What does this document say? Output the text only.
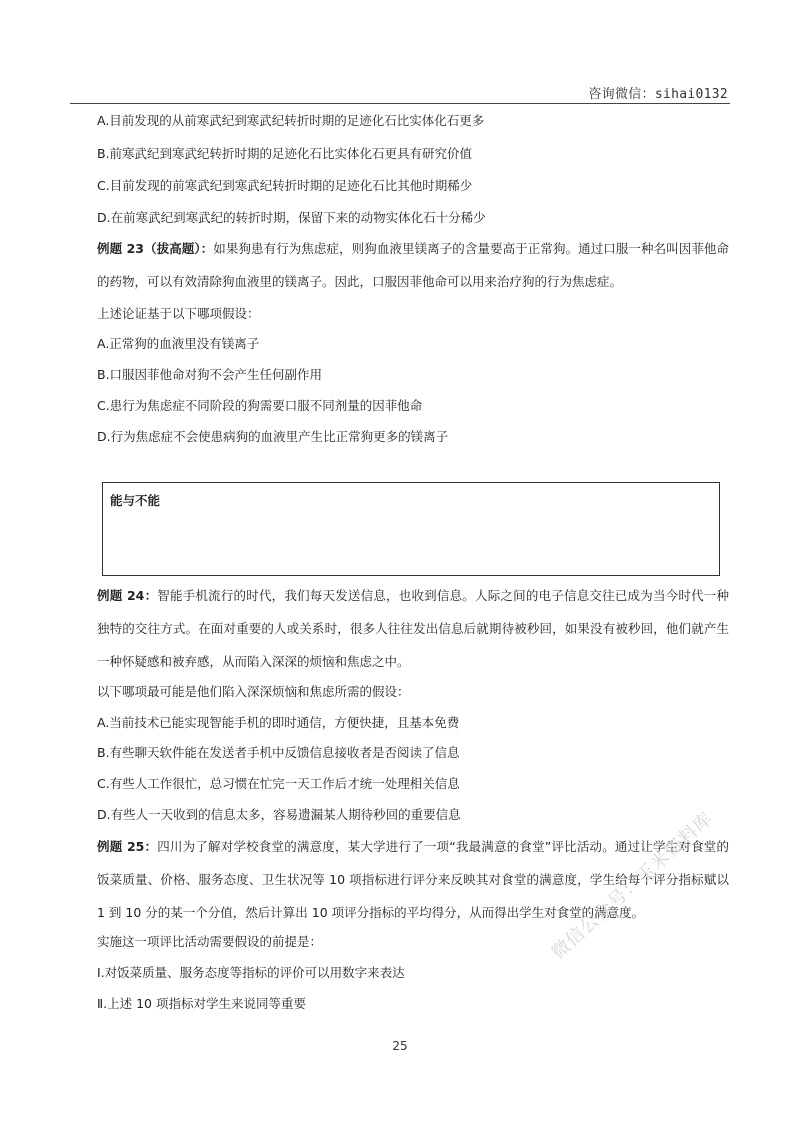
咨询微信：sihai0132
A.目前发现的从前寒武纪到寒武纪转折时期的足迹化石比实体化石更多
B.前寒武纪到寒武纪转折时期的足迹化石比实体化石更具有研究价值
C.目前发现的前寒武纪到寒武纪转折时期的足迹化石比其他时期稀少
D.在前寒武纪到寒武纪的转折时期，保留下来的动物实体化石十分稀少
例题 23（拔高题）：如果狗患有行为焦虑症，则狗血液里镁离子的含量要高于正常狗。通过口服一种名叫因菲他命的药物，可以有效清除狗血液里的镁离子。因此，口服因菲他命可以用来治疗狗的行为焦虑症。
上述论证基于以下哪项假设：
A.正常狗的血液里没有镁离子
B.口服因菲他命对狗不会产生任何副作用
C.患行为焦虑症不同阶段的狗需要口服不同剂量的因菲他命
D.行为焦虑症不会使患病狗的血液里产生比正常狗更多的镁离子
能与不能
例题 24：智能手机流行的时代，我们每天发送信息，也收到信息。人际之间的电子信息交往已成为当今时代一种独特的交往方式。在面对重要的人或关系时，很多人往往发出信息后就期待被秒回，如果没有被秒回，他们就产生一种怀疑感和被弃感，从而陷入深深的烦恼和焦虑之中。
以下哪项最可能是他们陷入深深烦恼和焦虑所需的假设：
A.当前技术已能实现智能手机的即时通信，方便快捷，且基本免费
B.有些聊天软件能在发送者手机中反馈信息接收者是否阅读了信息
C.有些人工作很忙，总习惯在忙完一天工作后才统一处理相关信息
D.有些人一天收到的信息太多，容易遗漏某人期待秒回的重要信息
例题 25：四川为了解对学校食堂的满意度，某大学进行了一项“我最满意的食堂”评比活动。通过让学生对食堂的饭菜质量、价格、服务态度、卫生状况等 10 项指标进行评分来反映其对食堂的满意度，学生给每个评分指标赋以 1 到 10 分的某一个分值，然后计算出 10 项评分指标的平均得分，从而得出学生对食堂的满意度。
实施这一项评比活动需要假设的前提是：
Ⅰ.对饭菜质量、服务态度等指标的评价可以用数字来表达
Ⅱ.上述 10 项指标对学生来说同等重要
25
微信公众号：玉米资料库
